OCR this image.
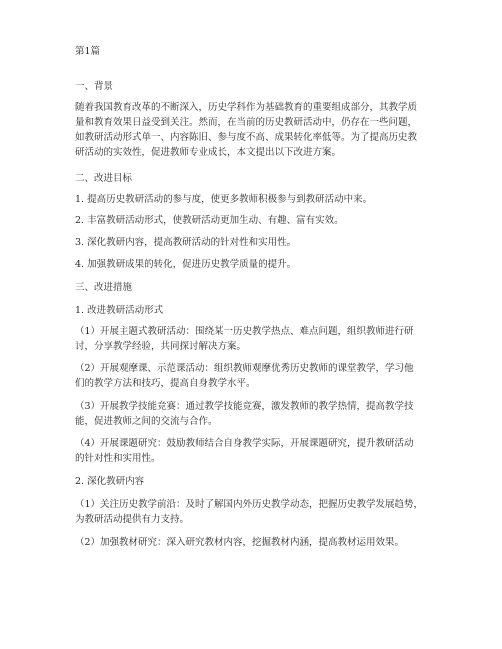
第1篇
一、背景
随着我国教育改革的不断深入，历史学科作为基础教育的重要组成部分，其教学质
量和教育效果日益受到关注。然而，在当前的历史教研活动中，仍存在一些问题，
如教研活动形式单一、内容陈旧、参与度不高、成果转化率低等。为了提高历史教
研活动的实效性，促进教师专业成长，本文提出以下改进方案。
二、改进目标
1. 提高历史教研活动的参与度，使更多教师积极参与到教研活动中来。
2. 丰富教研活动形式，使教研活动更加生动、有趣、富有实效。
3. 深化教研内容，提高教研活动的针对性和实用性。
4. 加强教研成果的转化，促进历史教学质量的提升。
三、改进措施
1. 改进教研活动形式
（1）开展主题式教研活动：围绕某一历史教学热点、难点问题，组织教师进行研
讨，分享教学经验，共同探讨解决方案。
（2）开展观摩课、示范课活动：组织教师观摩优秀历史教师的课堂教学，学习他
们的教学方法和技巧，提高自身教学水平。
（3）开展教学技能竞赛：通过教学技能竞赛，激发教师的教学热情，提高教学技
能，促进教师之间的交流与合作。
（4）开展课题研究：鼓励教师结合自身教学实际，开展课题研究，提升教研活动
的针对性和实用性。
2. 深化教研内容
（1）关注历史教学前沿：及时了解国内外历史教学动态，把握历史教学发展趋势，
为教研活动提供有力支持。
（2）加强教材研究：深入研究教材内容，挖掘教材内涵，提高教材运用效果。
